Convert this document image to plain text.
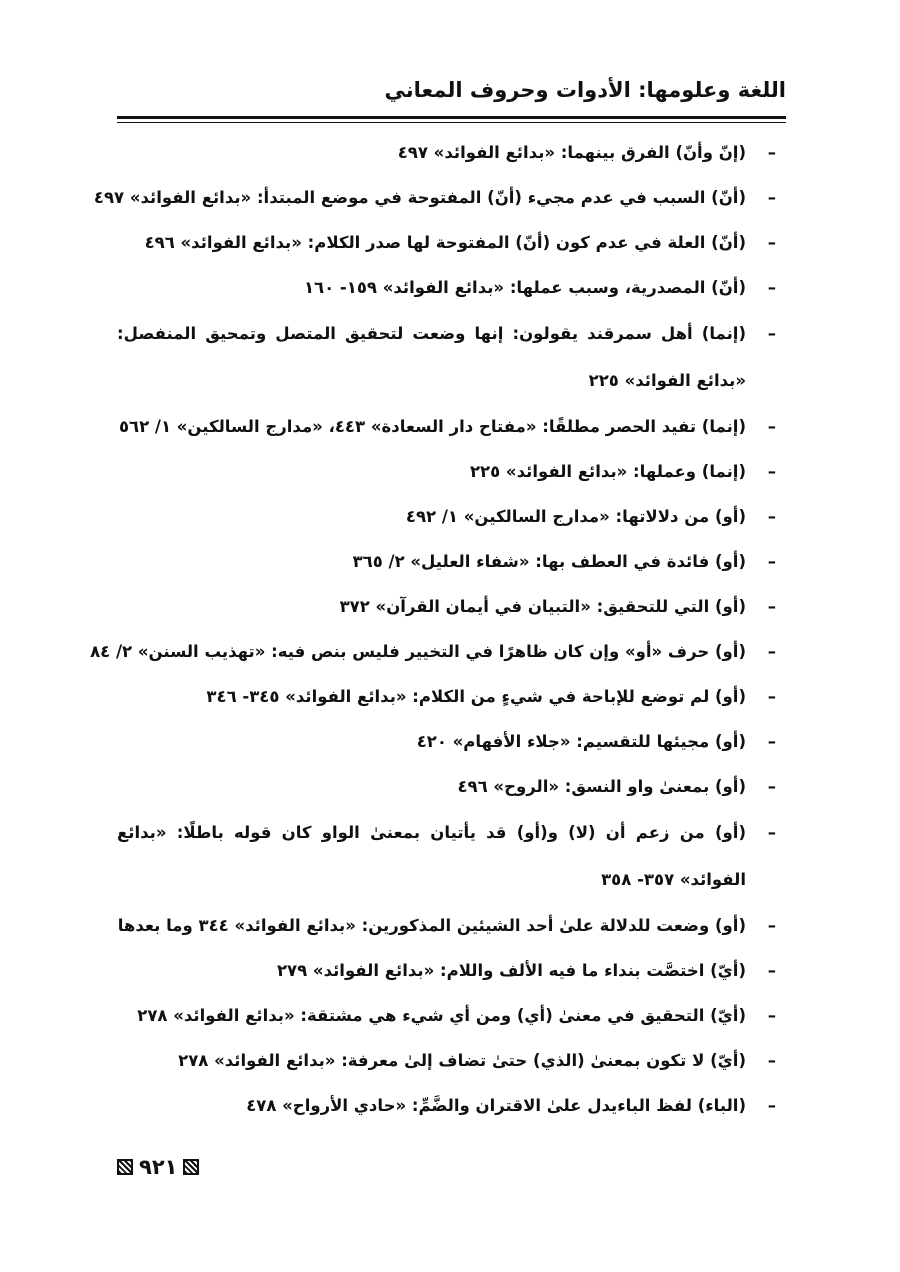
اللغة وعلومها: الأدوات وحروف المعاني
–
(إنّ وأنّ) الفرق بينهما: «بدائع الفوائد» ٤٩٧
–
(أنّ) السبب في عدم مجيء (أنّ) المفتوحة في موضع المبتدأ: «بدائع الفوائد» ٤٩٧
–
(أنّ) العلة في عدم كون (أنّ) المفتوحة لها صدر الكلام: «بدائع الفوائد» ٤٩٦
–
(أنّ) المصدرية، وسبب عملها: «بدائع الفوائد» ١٥٩- ١٦٠
–
(إنما) أهل سمرقند يقولون: إنها وضعت لتحقيق المتصل وتمحيق المنفصل: «بدائع الفوائد» ٢٢٥
–
(إنما) تفيد الحصر مطلقًا: «مفتاح دار السعادة» ٤٤٣، «مدارج السالكين» ١/ ٥٦٢
–
(إنما) وعملها: «بدائع الفوائد» ٢٢٥
–
(أو) من دلالاتها: «مدارج السالكين» ١/ ٤٩٢
–
(أو) فائدة في العطف بها: «شفاء العليل» ٢/ ٣٦٥
–
(أو) التي للتحقيق: «التبيان في أيمان القرآن» ٣٧٢
–
(أو) حرف «أو» وإن كان ظاهرًا في التخيير فليس بنص فيه: «تهذيب السنن» ٢/ ٨٤
–
(أو) لم توضع للإباحة في شيءٍ من الكلام: «بدائع الفوائد» ٣٤٥- ٣٤٦
–
(أو) مجيئها للتقسيم: «جلاء الأفهام» ٤٢٠
–
(أو) بمعنىٰ واو النسق: «الروح» ٤٩٦
–
(أو) من زعم أن (لا) و(أو) قد يأتيان بمعنىٰ الواو كان قوله باطلًا: «بدائع الفوائد» ٣٥٧- ٣٥٨
–
(أو) وضعت للدلالة علىٰ أحد الشيئين المذكورين: «بدائع الفوائد» ٣٤٤ وما بعدها
–
(أيّ) اختصَّت بنداء ما فيه الألف واللام: «بدائع الفوائد» ٢٧٩
–
(أيّ) التحقيق في معنىٰ (أي) ومن أي شيء هي مشتقة: «بدائع الفوائد» ٢٧٨
–
(أيّ) لا تكون بمعنىٰ (الذي) حتىٰ تضاف إلىٰ معرفة: «بدائع الفوائد» ٢٧٨
–
(الباء) لفظ الباءيدل علىٰ الاقتران والضَّمِّ: «حادي الأرواح» ٤٧٨
٩٢١
